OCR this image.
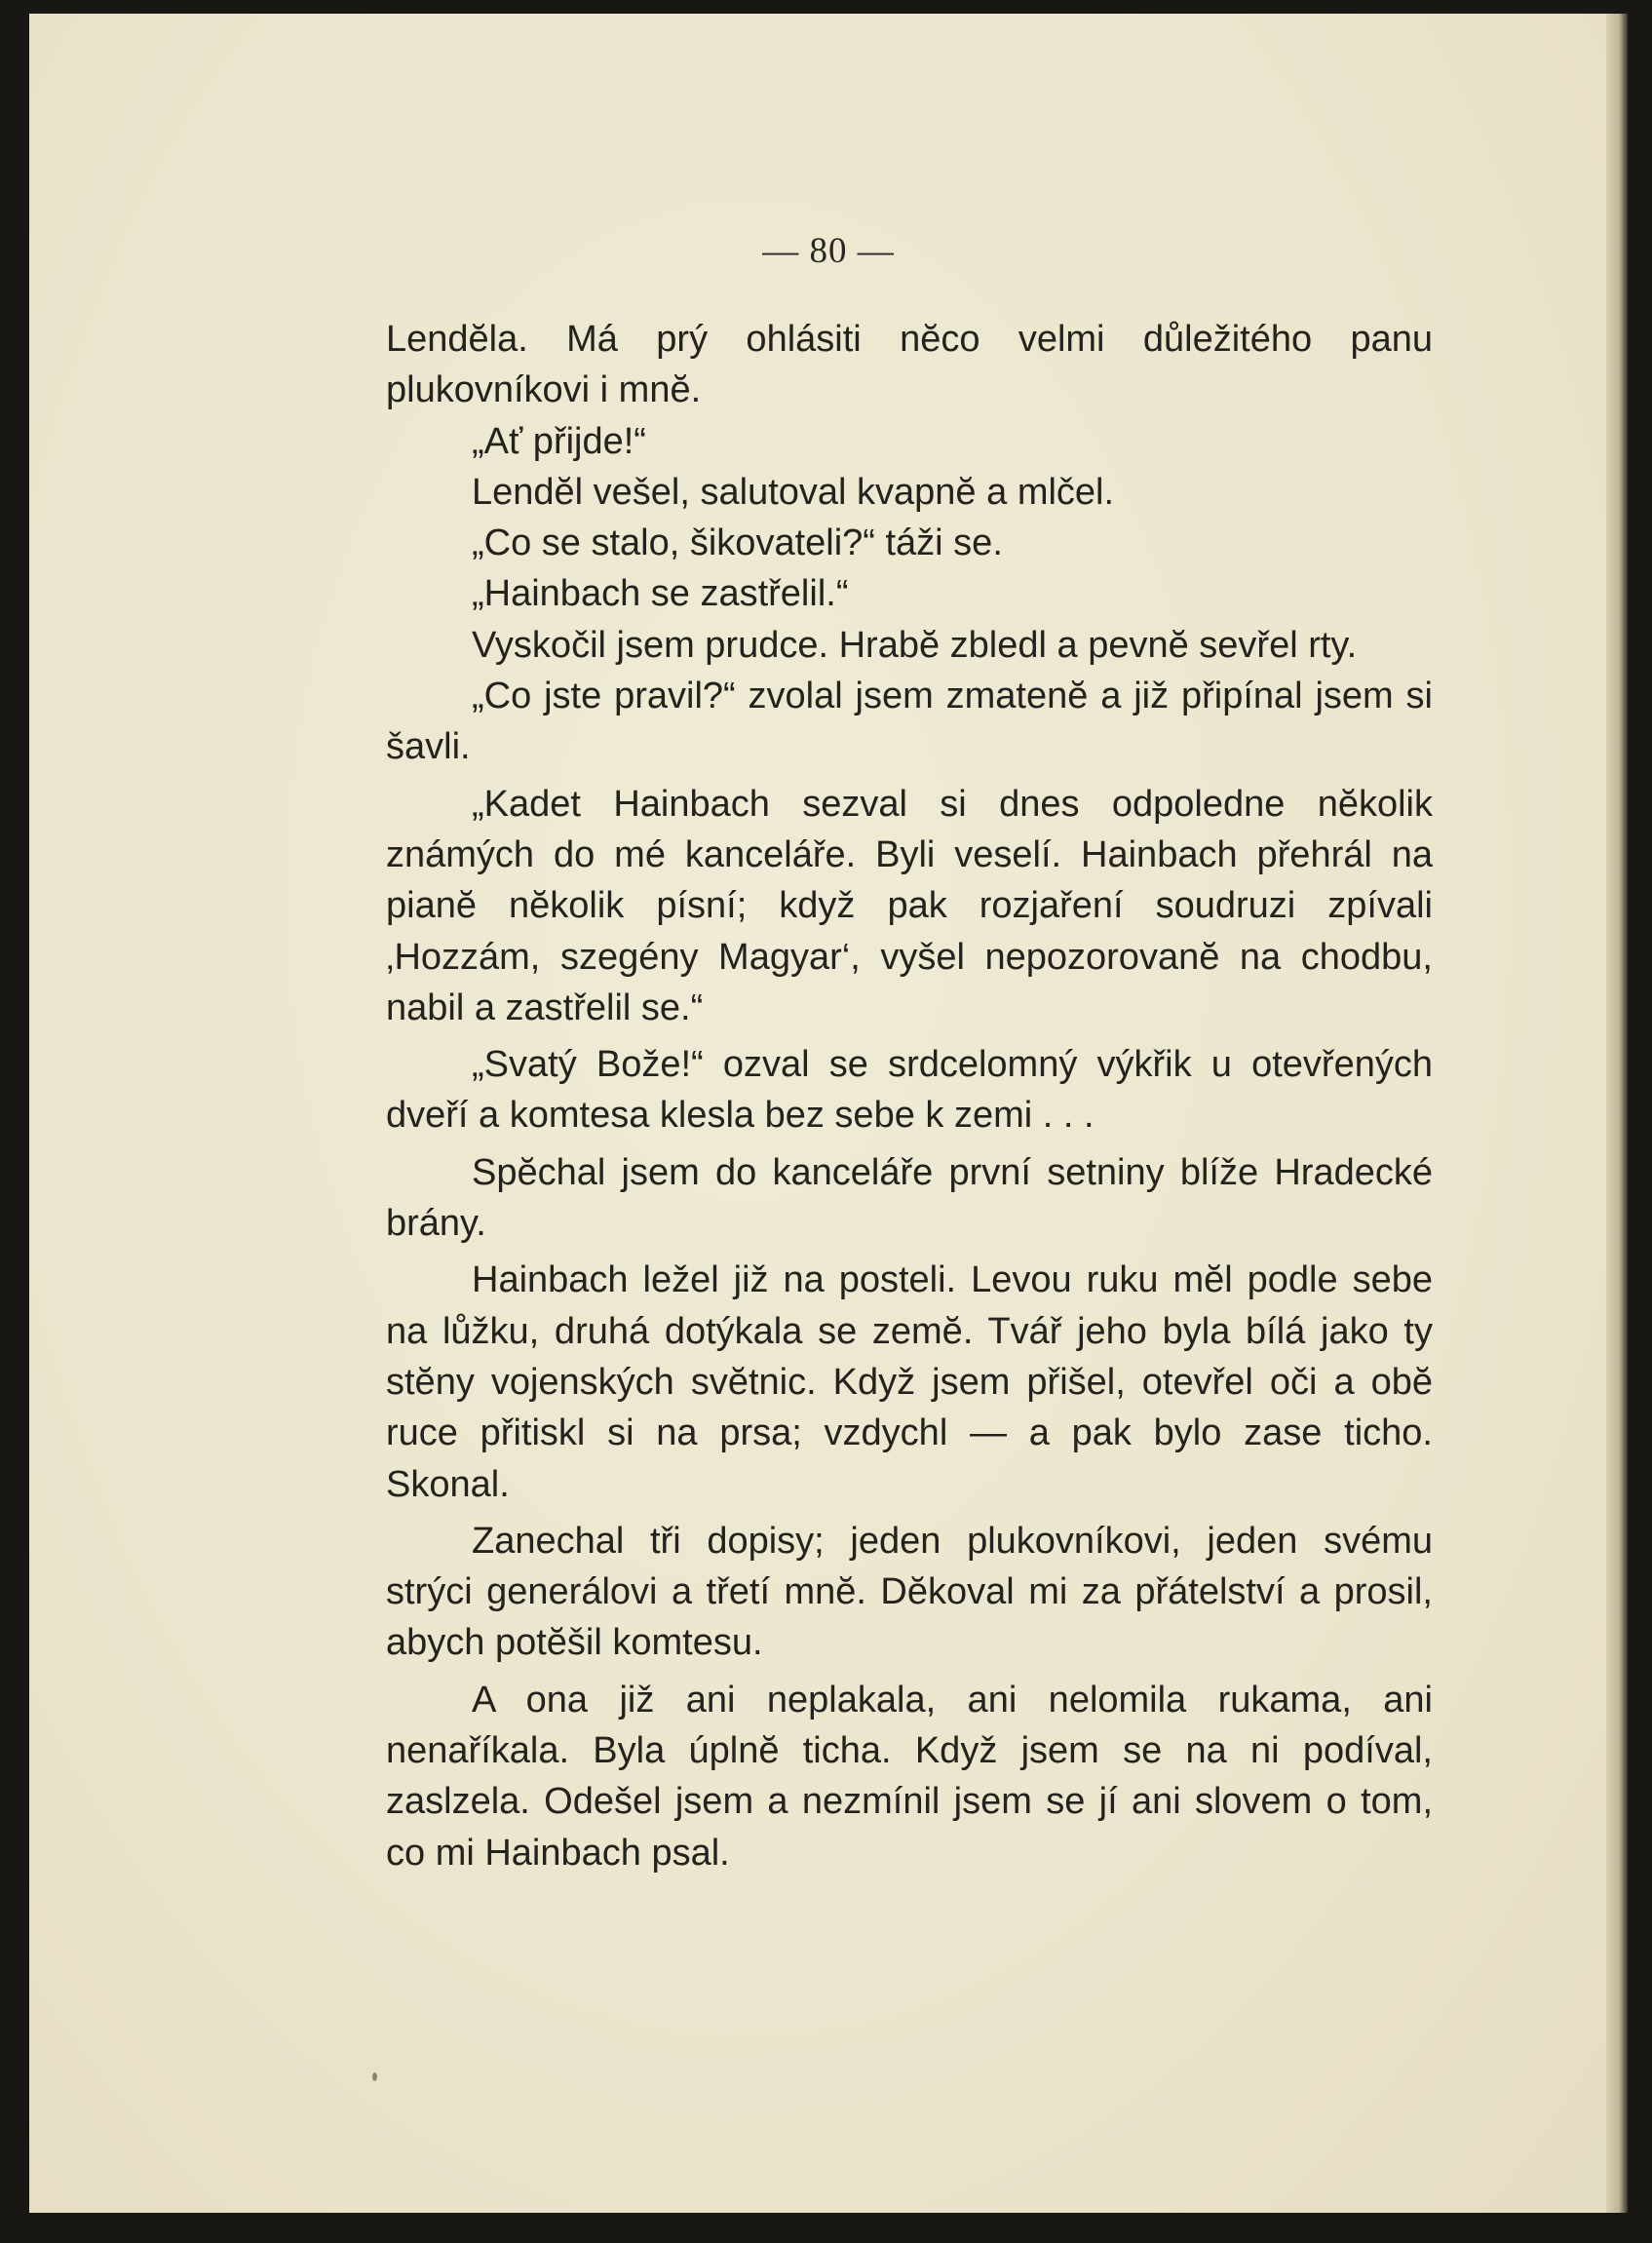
— 80 —

Lendĕla. Má prý ohlásiti nĕco velmi důležitého panu plukovníkovi i mnĕ.

„Ať přijde!“

Lendĕl vešel, salutoval kvapnĕ a mlčel.

„Co se stalo, šikovateli?“ táži se.

„Hainbach se zastřelil.“

Vyskočil jsem prudce. Hrabĕ zbledl a pevnĕ sevřel rty.

„Co jste pravil?“ zvolal jsem zmatenĕ a již připínal jsem si šavli.

„Kadet Hainbach sezval si dnes odpoledne nĕkolik známých do mé kanceláře. Byli veselí. Hainbach přehrál na pianĕ nĕkolik písní; když pak rozjaření soudruzi zpívali ‚Hozzám, szegény Magyar‘, vyšel nepozorovanĕ na chodbu, nabil a zastřelil se.“

„Svatý Bože!“ ozval se srdcelomný výkřik u otevřených dveří a komtesa klesla bez sebe k zemi . . .

Spĕchal jsem do kanceláře první setniny blíže Hradecké brány.

Hainbach ležel již na posteli. Levou ruku mĕl podle sebe na lůžku, druhá dotýkala se zemĕ. Tvář jeho byla bílá jako ty stĕny vojenských svĕtnic. Když jsem přišel, otevřel oči a obĕ ruce přitiskl si na prsa; vzdychl — a pak bylo zase ticho. Skonal.

Zanechal tři dopisy; jeden plukovníkovi, jeden svému strýci generálovi a třetí mnĕ. Dĕkoval mi za přátelství a prosil, abych potĕšil komtesu.

A ona již ani neplakala, ani nelomila rukama, ani nenaříkala. Byla úplnĕ ticha. Když jsem se na ni podíval, zaslzela. Odešel jsem a nezmínil jsem se jí ani slovem o tom, co mi Hainbach psal.
